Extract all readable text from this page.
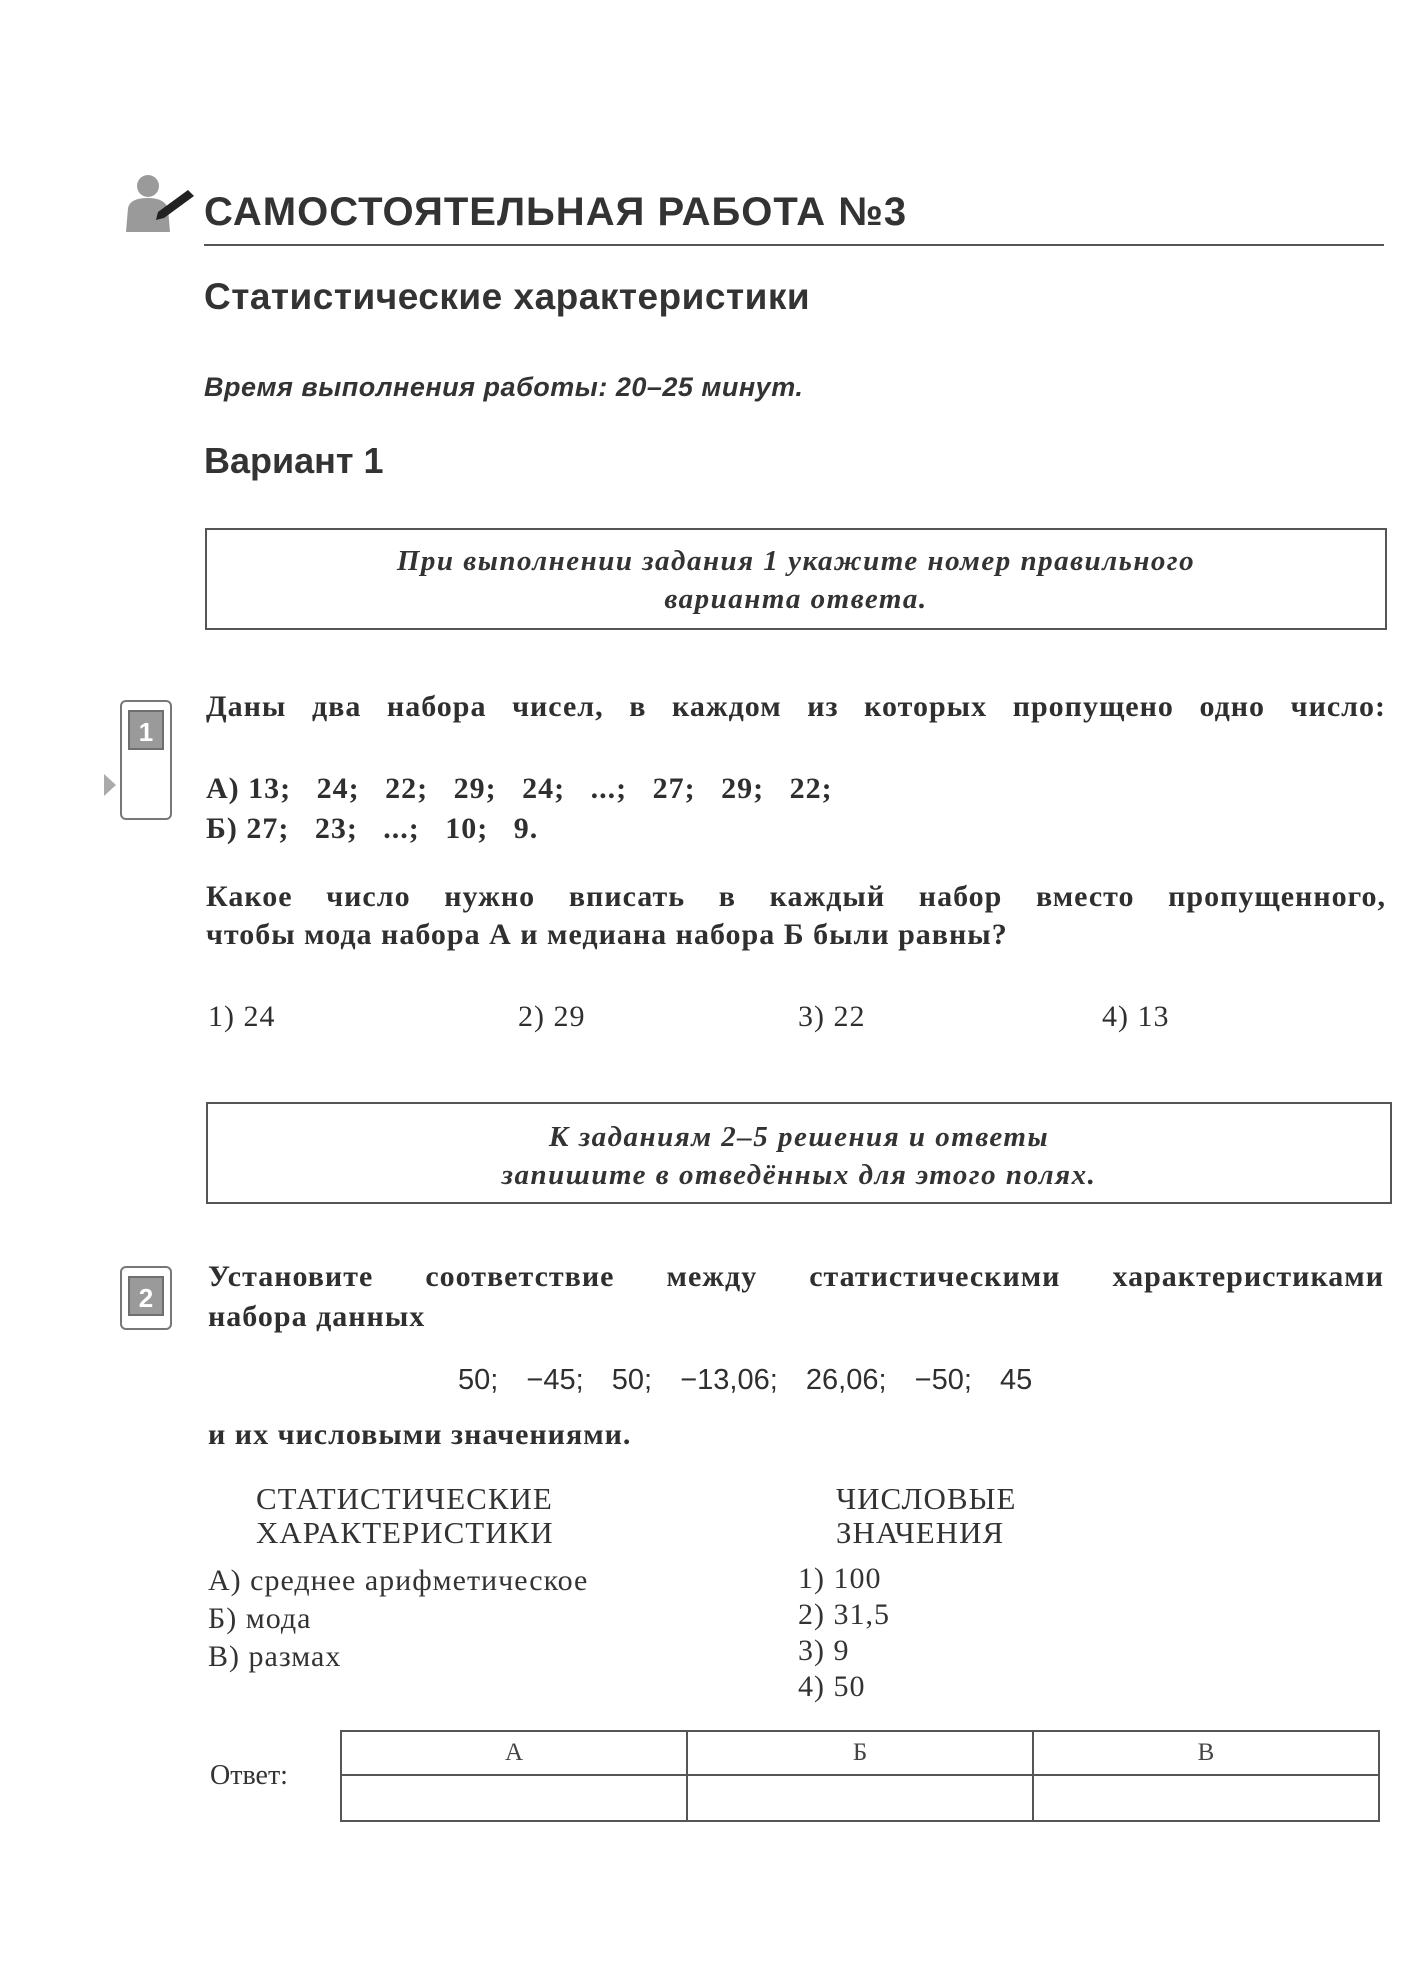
САМОСТОЯТЕЛЬНАЯ РАБОТА №3
Статистические характеристики
Время выполнения работы: 20–25 минут.
Вариант 1
При выполнении задания 1 укажите номер правильного
варианта ответа.
1
Даны два набора чисел, в каждом из которых пропущено одно число:
А) 13;   24;   22;   29;   24;   ...;   27;   29;   22;
Б) 27;   23;   ...;   10;   9.
Какое число нужно вписать в каждый набор вместо пропущенного,
чтобы мода набора А и медиана набора Б были равны?
1) 24	2) 29	3) 22	4) 13
К заданиям 2–5 решения и ответы
запишите в отведённых для этого полях.
2
Установите соответствие между статистическими характеристиками
набора данных
50;  −45;  50;  −13,06;  26,06;  −50;  45
и их числовыми значениями.
СТАТИСТИЧЕСКИЕ
ХАРАКТЕРИСТИКИ
ЧИСЛОВЫЕ
ЗНАЧЕНИЯ
А) среднее арифметическое
Б) мода
В) размах
1) 100
2) 31,5
3) 9
4) 50
Ответ:
А	Б	В
